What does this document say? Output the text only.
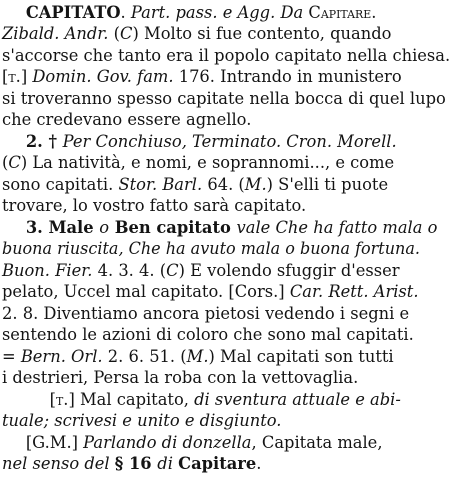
CAPITATO. Part. pass. e Agg. Da Capitare.
Zibald. Andr. (C) Molto si fue contento, quando
s'accorse che tanto era il popolo capitato nella chiesa.
[t.] Domin. Gov. fam. 176. Intrando in munistero
si troveranno spesso capitate nella bocca di quel lupo
che credevano essere agnello.
2. † Per Conchiuso, Terminato. Cron. Morell.
(C) La natività, e nomi, e soprannomi..., e come
sono capitati. Stor. Barl. 64. (M.) S'elli ti puote
trovare, lo vostro fatto sarà capitato.
3. Male o Ben capitato vale Che ha fatto mala o
buona riuscita, Che ha avuto mala o buona fortuna.
Buon. Fier. 4. 3. 4. (C) E volendo sfuggir d'esser
pelato, Uccel mal capitato. [Cors.] Car. Rett. Arist.
2. 8. Diventiamo ancora pietosi vedendo i segni e
sentendo le azioni di coloro che sono mal capitati.
= Bern. Orl. 2. 6. 51. (M.) Mal capitati son tutti
i destrieri, Persa la roba con la vettovaglia.
[t.] Mal capitato, di sventura attuale e abi-
tuale; scrivesi e unito e disgiunto.
[G.M.] Parlando di donzella, Capitata male,
nel senso del § 16 di Capitare.
